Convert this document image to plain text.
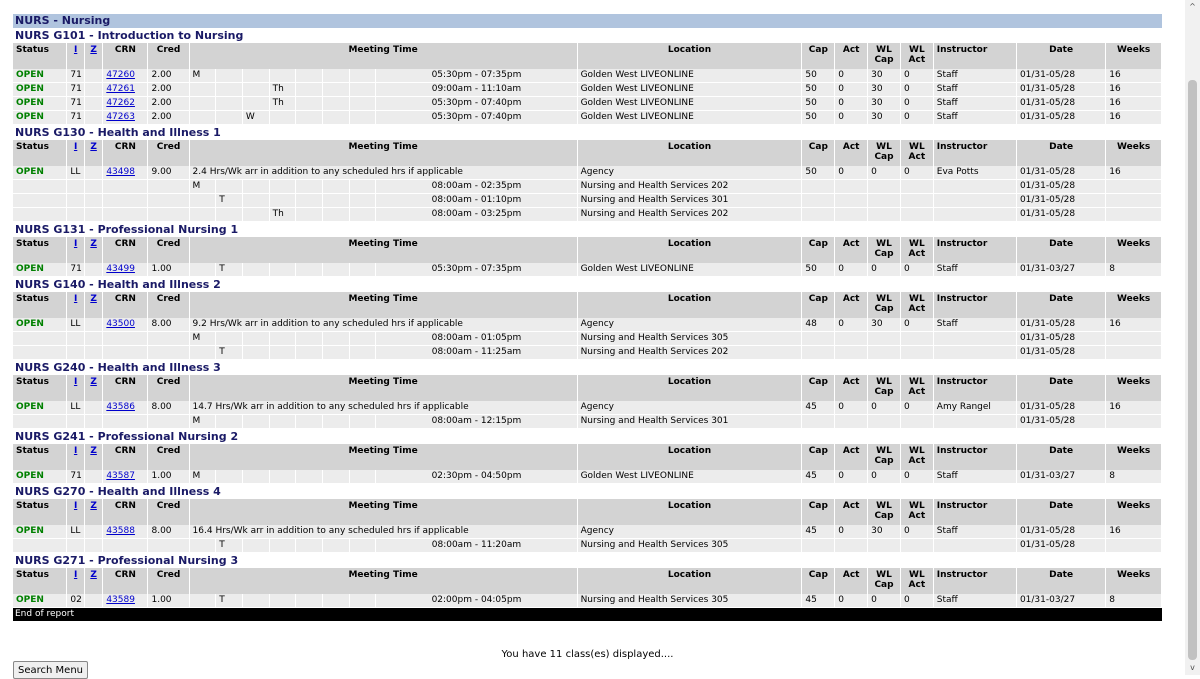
NURS - Nursing																				
NURS G101 - Introduction to Nursing																				
Status	I	Z	CRN	Cred	Meeting Time								Location	Cap	Act	WL Cap	WL Act	Instructor	Date	Weeks
OPEN	71		47260	2.00	M							05:30pm - 07:35pm	Golden West LIVEONLINE	50	0	30	0	Staff	01/31-05/28	16
OPEN	71		47261	2.00				Th				09:00am - 11:10am	Golden West LIVEONLINE	50	0	30	0	Staff	01/31-05/28	16
OPEN	71		47262	2.00				Th				05:30pm - 07:40pm	Golden West LIVEONLINE	50	0	30	0	Staff	01/31-05/28	16
OPEN	71		47263	2.00			W					05:30pm - 07:40pm	Golden West LIVEONLINE	50	0	30	0	Staff	01/31-05/28	16
NURS G130 - Health and Illness 1																				
Status	I	Z	CRN	Cred	Meeting Time								Location	Cap	Act	WL Cap	WL Act	Instructor	Date	Weeks
OPEN	LL		43498	9.00	2.4 Hrs/Wk arr in addition to any scheduled hrs if applicable								Agency	50	0	0	0	Eva Potts	01/31-05/28	16
					M							08:00am - 02:35pm	Nursing and Health Services 202						01/31-05/28	
						T						08:00am - 01:10pm	Nursing and Health Services 301						01/31-05/28	
								Th				08:00am - 03:25pm	Nursing and Health Services 202						01/31-05/28	
NURS G131 - Professional Nursing 1																				
Status	I	Z	CRN	Cred	Meeting Time								Location	Cap	Act	WL Cap	WL Act	Instructor	Date	Weeks
OPEN	71		43499	1.00		T						05:30pm - 07:35pm	Golden West LIVEONLINE	50	0	0	0	Staff	01/31-03/27	8
NURS G140 - Health and Illness 2																				
Status	I	Z	CRN	Cred	Meeting Time								Location	Cap	Act	WL Cap	WL Act	Instructor	Date	Weeks
OPEN	LL		43500	8.00	9.2 Hrs/Wk arr in addition to any scheduled hrs if applicable								Agency	48	0	30	0	Staff	01/31-05/28	16
					M							08:00am - 01:05pm	Nursing and Health Services 305						01/31-05/28	
						T						08:00am - 11:25am	Nursing and Health Services 202						01/31-05/28	
NURS G240 - Health and Illness 3																				
Status	I	Z	CRN	Cred	Meeting Time								Location	Cap	Act	WL Cap	WL Act	Instructor	Date	Weeks
OPEN	LL		43586	8.00	14.7 Hrs/Wk arr in addition to any scheduled hrs if applicable								Agency	45	0	0	0	Amy Rangel	01/31-05/28	16
					M							08:00am - 12:15pm	Nursing and Health Services 301						01/31-05/28	
NURS G241 - Professional Nursing 2																				
Status	I	Z	CRN	Cred	Meeting Time								Location	Cap	Act	WL Cap	WL Act	Instructor	Date	Weeks
OPEN	71		43587	1.00	M							02:30pm - 04:50pm	Golden West LIVEONLINE	45	0	0	0	Staff	01/31-03/27	8
NURS G270 - Health and Illness 4																				
Status	I	Z	CRN	Cred	Meeting Time								Location	Cap	Act	WL Cap	WL Act	Instructor	Date	Weeks
OPEN	LL		43588	8.00	16.4 Hrs/Wk arr in addition to any scheduled hrs if applicable								Agency	45	0	30	0	Staff	01/31-05/28	16
						T						08:00am - 11:20am	Nursing and Health Services 305						01/31-05/28	
NURS G271 - Professional Nursing 3																				
Status	I	Z	CRN	Cred	Meeting Time								Location	Cap	Act	WL Cap	WL Act	Instructor	Date	Weeks
OPEN	02		43589	1.00		T						02:00pm - 04:05pm	Nursing and Health Services 305	45	0	0	0	Staff	01/31-03/27	8
End of report																				
You have 11 class(es) displayed....
Search Menu
^
v
